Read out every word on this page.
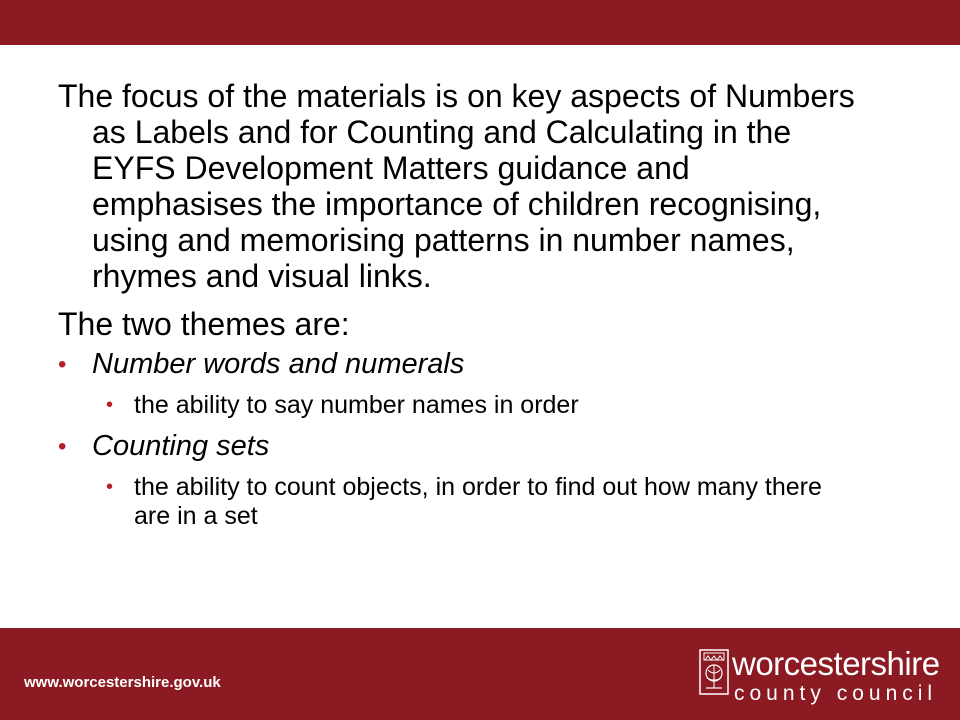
The focus of the materials is on key aspects of Numbers as Labels and for Counting and Calculating in the EYFS Development Matters guidance and emphasises the importance of children recognising, using and memorising patterns in number names, rhymes and visual links.

The two themes are:

• Number words and numerals
• the ability to say number names in order
• Counting sets
• the ability to count objects, in order to find out how many there are in a set
www.worcestershire.gov.uk
worcestershire
county council
